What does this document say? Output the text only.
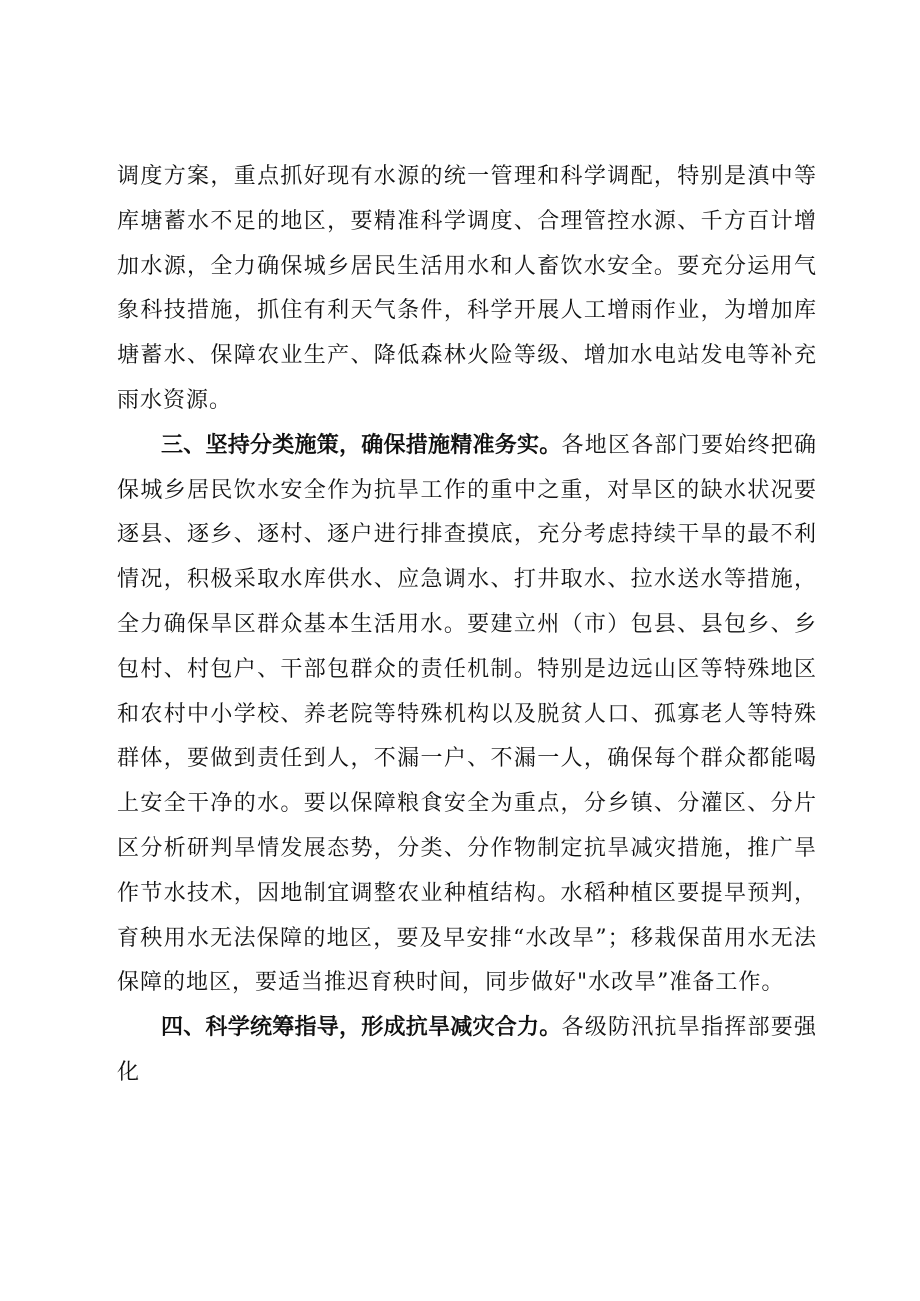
调度方案，重点抓好现有水源的统一管理和科学调配，特别是滇中等库塘蓄水不足的地区，要精准科学调度、合理管控水源、千方百计增加水源，全力确保城乡居民生活用水和人畜饮水安全。要充分运用气象科技措施，抓住有利天气条件，科学开展人工增雨作业，为增加库塘蓄水、保障农业生产、降低森林火险等级、增加水电站发电等补充雨水资源。

三、坚持分类施策，确保措施精准务实。各地区各部门要始终把确保城乡居民饮水安全作为抗旱工作的重中之重，对旱区的缺水状况要逐县、逐乡、逐村、逐户进行排查摸底，充分考虑持续干旱的最不利情况，积极采取水库供水、应急调水、打井取水、拉水送水等措施，全力确保旱区群众基本生活用水。要建立州（市）包县、县包乡、乡包村、村包户、干部包群众的责任机制。特别是边远山区等特殊地区和农村中小学校、养老院等特殊机构以及脱贫人口、孤寡老人等特殊群体，要做到责任到人，不漏一户、不漏一人，确保每个群众都能喝上安全干净的水。要以保障粮食安全为重点，分乡镇、分灌区、分片区分析研判旱情发展态势，分类、分作物制定抗旱减灾措施，推广旱作节水技术，因地制宜调整农业种植结构。水稻种植区要提早预判，育秧用水无法保障的地区，要及早安排“水改旱”；移栽保苗用水无法保障的地区，要适当推迟育秧时间，同步做好"水改旱”准备工作。

四、科学统筹指导，形成抗旱减灾合力。各级防汛抗旱指挥部要强化
